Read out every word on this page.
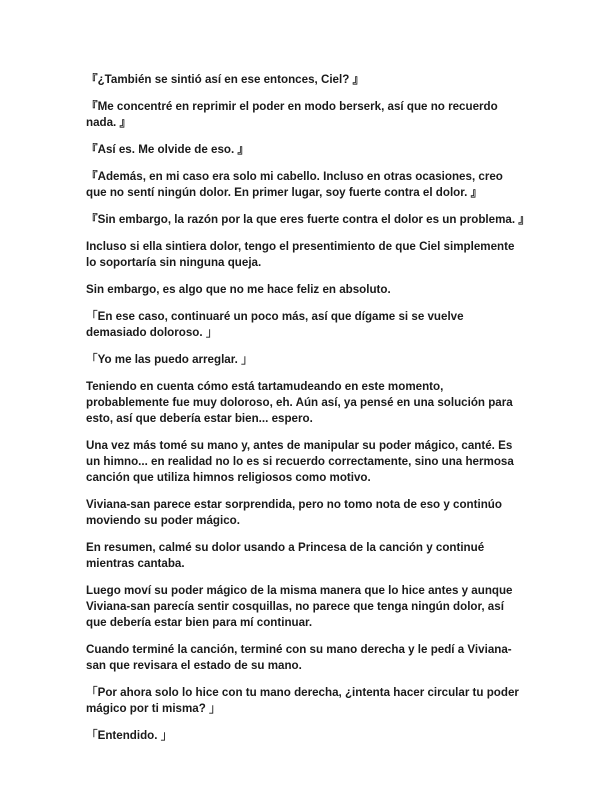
『¿También se sintió así en ese entonces, Ciel? 』

『Me concentré en reprimir el poder en modo berserk, así que no recuerdo nada. 』

『Así es. Me olvide de eso. 』

『Además, en mi caso era solo mi cabello. Incluso en otras ocasiones, creo que no sentí ningún dolor. En primer lugar, soy fuerte contra el dolor. 』

『Sin embargo, la razón por la que eres fuerte contra el dolor es un problema. 』

Incluso si ella sintiera dolor, tengo el presentimiento de que Ciel simplemente lo soportaría sin ninguna queja.

Sin embargo, es algo que no me hace feliz en absoluto.

「En ese caso, continuaré un poco más, así que dígame si se vuelve demasiado doloroso. 」

「Yo me las puedo arreglar. 」

Teniendo en cuenta cómo está tartamudeando en este momento, probablemente fue muy doloroso, eh. Aún así, ya pensé en una solución para esto, así que debería estar bien... espero.

Una vez más tomé su mano y, antes de manipular su poder mágico, canté. Es un himno... en realidad no lo es si recuerdo correctamente, sino una hermosa canción que utiliza himnos religiosos como motivo.

Viviana-san parece estar sorprendida, pero no tomo nota de eso y continúo moviendo su poder mágico.

En resumen, calmé su dolor usando a Princesa de la canción y continué mientras cantaba.

Luego moví su poder mágico de la misma manera que lo hice antes y aunque Viviana-san parecía sentir cosquillas, no parece que tenga ningún dolor, así que debería estar bien para mí continuar.

Cuando terminé la canción, terminé con su mano derecha y le pedí a Viviana-san que revisara el estado de su mano.

「Por ahora solo lo hice con tu mano derecha, ¿intenta hacer circular tu poder mágico por ti misma? 」

「Entendido. 」
